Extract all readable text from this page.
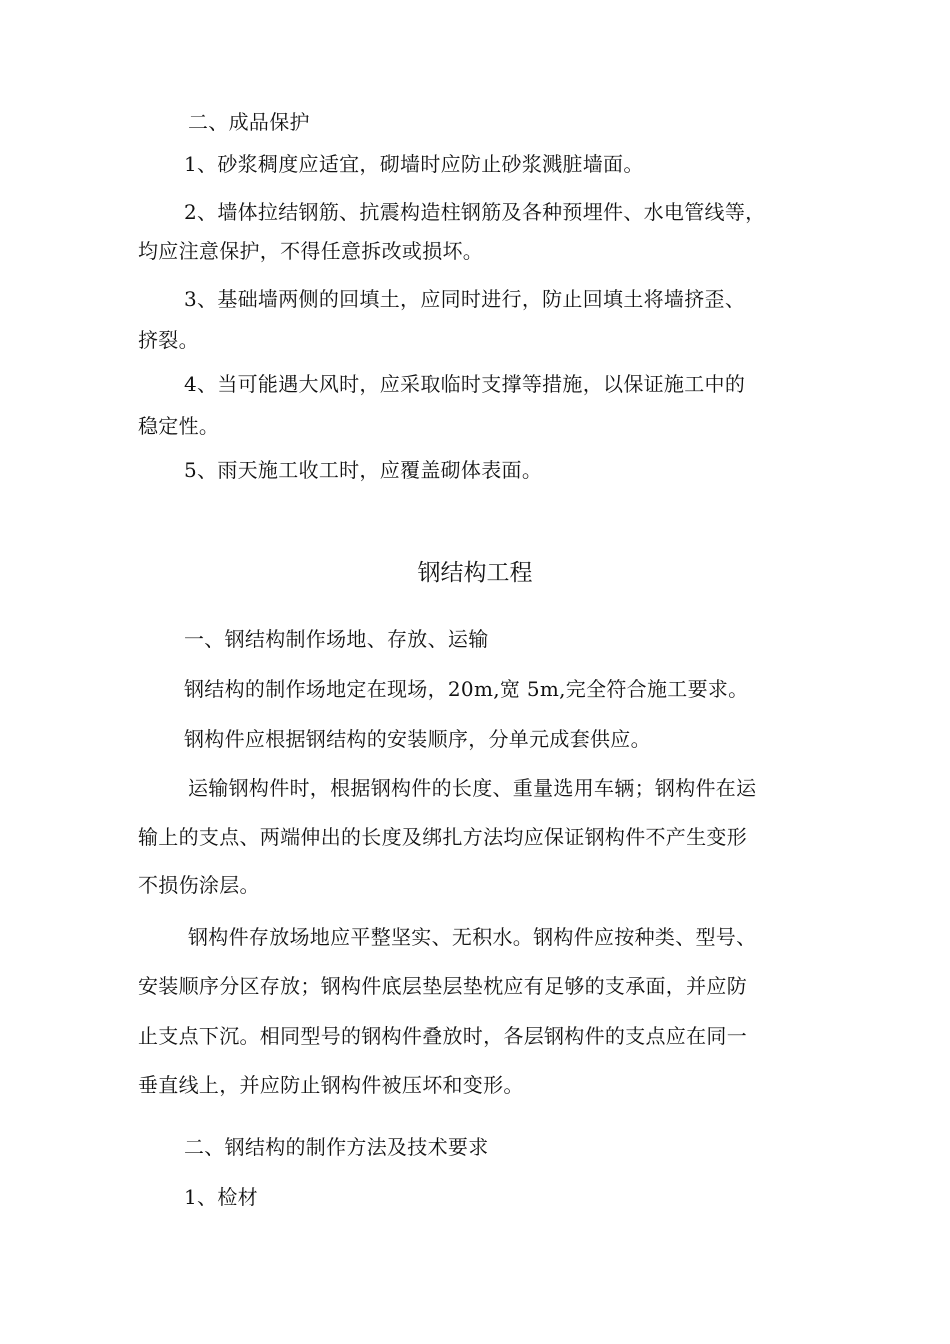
二、成品保护
1、砂浆稠度应适宜，砌墙时应防止砂浆溅脏墙面。
2、墙体拉结钢筋、抗震构造柱钢筋及各种预埋件、水电管线等，
均应注意保护，不得任意拆改或损坏。
3、基础墙两侧的回填土，应同时进行，防止回填土将墙挤歪、
挤裂。
4、当可能遇大风时，应采取临时支撑等措施，以保证施工中的
稳定性。
5、雨天施工收工时，应覆盖砌体表面。
钢结构工程
一、钢结构制作场地、存放、运输
钢结构的制作场地定在现场，20m,宽 5m,完全符合施工要求。
钢构件应根据钢结构的安装顺序，分单元成套供应。
运输钢构件时，根据钢构件的长度、重量选用车辆；钢构件在运
输上的支点、两端伸出的长度及绑扎方法均应保证钢构件不产生变形
不损伤涂层。
钢构件存放场地应平整坚实、无积水。钢构件应按种类、型号、
安装顺序分区存放；钢构件底层垫层垫枕应有足够的支承面，并应防
止支点下沉。相同型号的钢构件叠放时，各层钢构件的支点应在同一
垂直线上，并应防止钢构件被压坏和变形。
二、钢结构的制作方法及技术要求
1、检材
